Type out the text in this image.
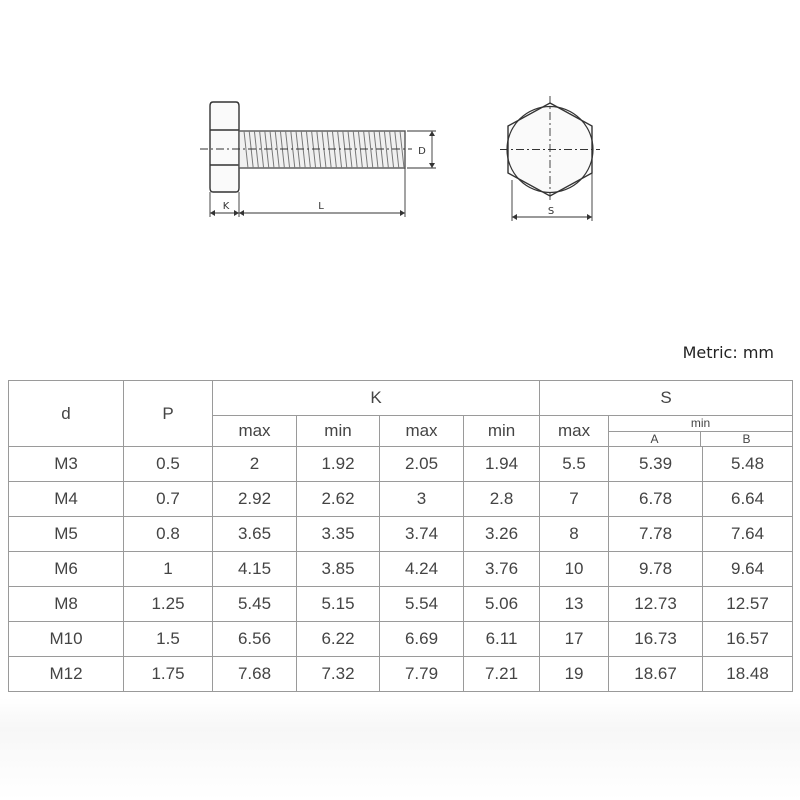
D
K	L	S
Metric: mm
d	P	K				S		
		max	min	max	min	max	min
A B	

M3	0.5	2	1.92	2.05	1.94	5.5	5.39	5.48
M4	0.7	2.92	2.62	3	2.8	7	6.78	6.64
M5	0.8	3.65	3.35	3.74	3.26	8	7.78	7.64
M6	1	4.15	3.85	4.24	3.76	10	9.78	9.64
M8	1.25	5.45	5.15	5.54	5.06	13	12.73	12.57
M10	1.5	6.56	6.22	6.69	6.11	17	16.73	16.57
M12	1.75	7.68	7.32	7.79	7.21	19	18.67	18.48
